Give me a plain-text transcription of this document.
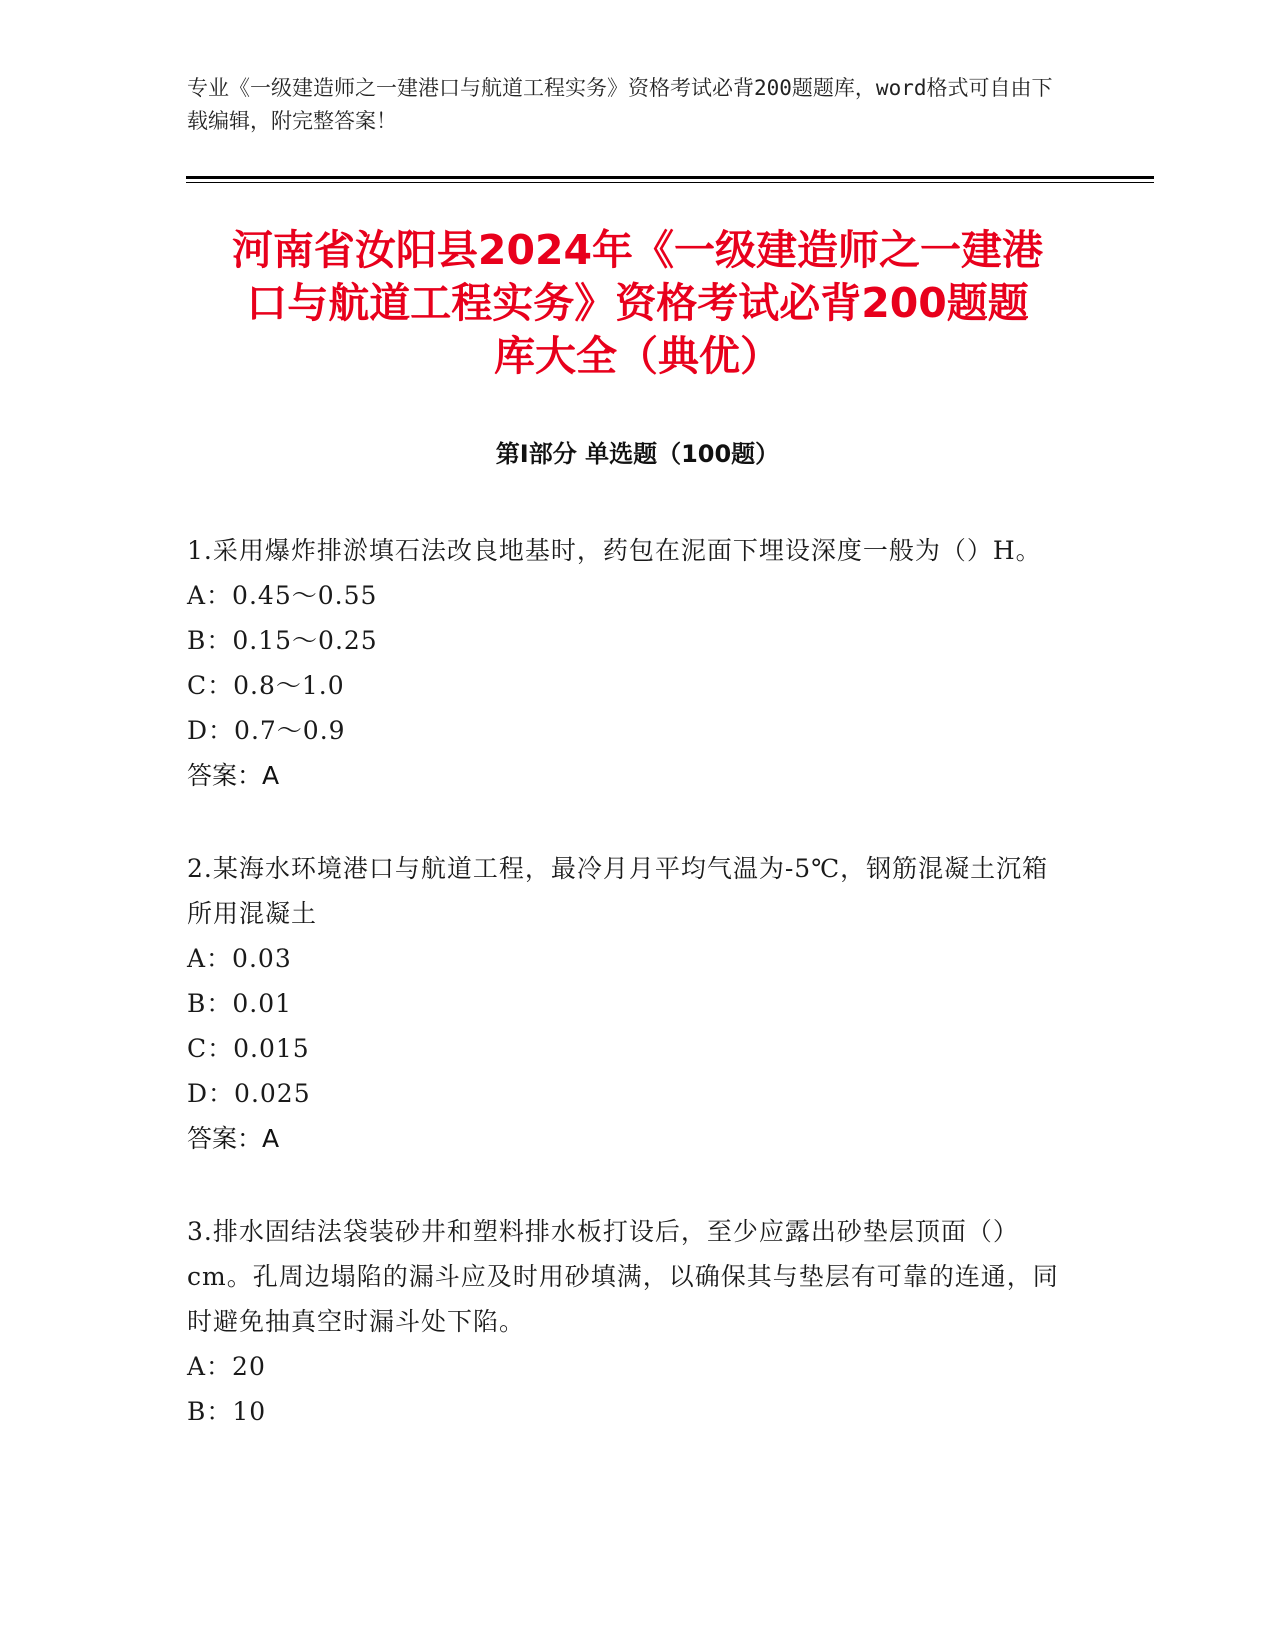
专业《一级建造师之一建港口与航道工程实务》资格考试必背200题题库，word格式可自由下载编辑，附完整答案！
河南省汝阳县2024年《一级建造师之一建港
口与航道工程实务》资格考试必背200题题
库大全（典优）
第I部分 单选题（100题）

1.采用爆炸排淤填石法改良地基时，药包在泥面下埋设深度一般为（）H。

A：0.45～0.55

B：0.15～0.25

C：0.8～1.0

D：0.7～0.9

答案：A

2.某海水环境港口与航道工程，最冷月月平均气温为-5℃，钢筋混凝土沉箱所用混凝土

A：0.03

B：0.01

C：0.015

D：0.025

答案：A

3.排水固结法袋装砂井和塑料排水板打设后，至少应露出砂垫层顶面（）cm。孔周边塌陷的漏斗应及时用砂填满，以确保其与垫层有可靠的连通，同时避免抽真空时漏斗处下陷。

A：20

B：10
